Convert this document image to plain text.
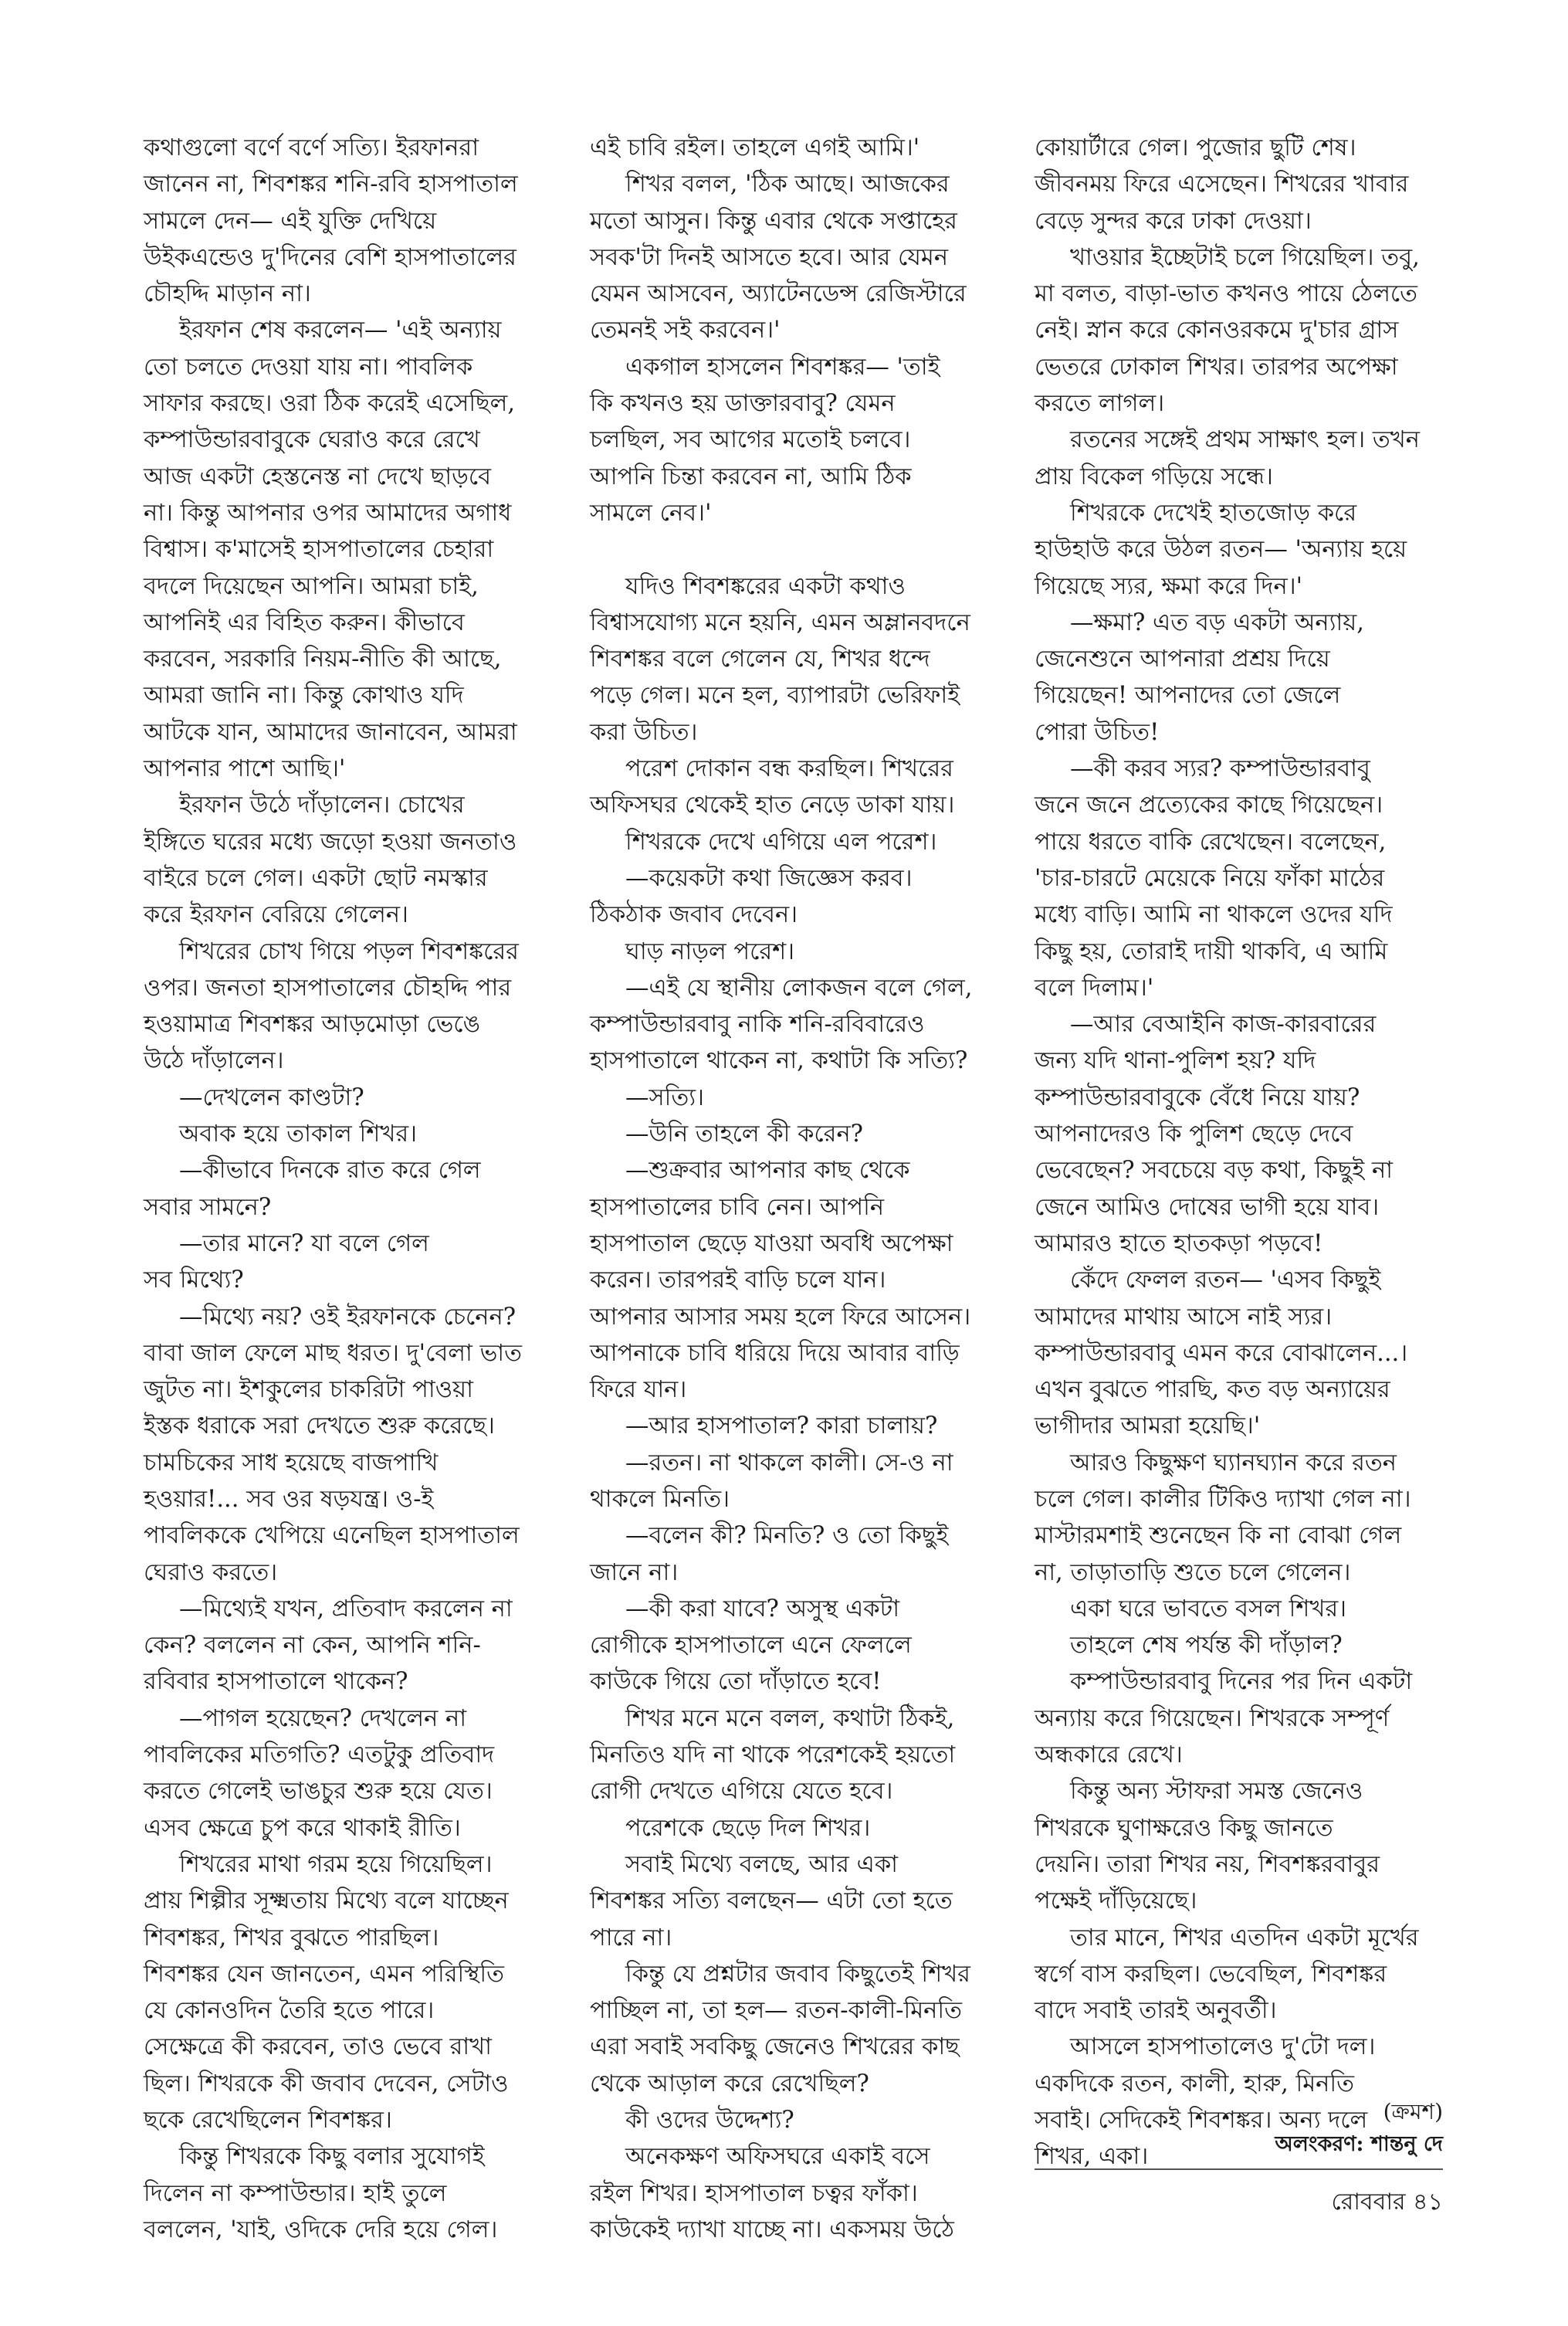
কথাগুলো বর্ণে বর্ণে সত্যি। ইরফানরা
জানেন না, শিবশঙ্কর শনি-রবি হাসপাতাল
সামলে দেন— এই যুক্তি দেখিয়ে
উইকএন্ডেও দু'দিনের বেশি হাসপাতালের
চৌহদ্দি মাড়ান না।
ইরফান শেষ করলেন— 'এই অন্যায়
তো চলতে দেওয়া যায় না। পাবলিক
সাফার করছে। ওরা ঠিক করেই এসেছিল,
কম্পাউন্ডারবাবুকে ঘেরাও করে রেখে
আজ একটা হেস্তনেস্ত না দেখে ছাড়বে
না। কিন্তু আপনার ওপর আমাদের অগাধ
বিশ্বাস। ক'মাসেই হাসপাতালের চেহারা
বদলে দিয়েছেন আপনি। আমরা চাই,
আপনিই এর বিহিত করুন। কীভাবে
করবেন, সরকারি নিয়ম-নীতি কী আছে,
আমরা জানি না। কিন্তু কোথাও যদি
আটকে যান, আমাদের জানাবেন, আমরা
আপনার পাশে আছি।'
ইরফান উঠে দাঁড়ালেন। চোখের
ইঙ্গিতে ঘরের মধ্যে জড়ো হওয়া জনতাও
বাইরে চলে গেল। একটা ছোট নমস্কার
করে ইরফান বেরিয়ে গেলেন।
শিখরের চোখ গিয়ে পড়ল শিবশঙ্করের
ওপর। জনতা হাসপাতালের চৌহদ্দি পার
হওয়ামাত্র শিবশঙ্কর আড়মোড়া ভেঙে
উঠে দাঁড়ালেন।
—দেখলেন কাণ্ডটা?
অবাক হয়ে তাকাল শিখর।
—কীভাবে দিনকে রাত করে গেল
সবার সামনে?
—তার মানে? যা বলে গেল
সব মিথ্যে?
—মিথ্যে নয়? ওই ইরফানকে চেনেন?
বাবা জাল ফেলে মাছ ধরত। দু'বেলা ভাত
জুটত না। ইশকুলের চাকরিটা পাওয়া
ইস্তক ধরাকে সরা দেখতে শুরু করেছে।
চামচিকের সাধ হয়েছে বাজপাখি
হওয়ার!... সব ওর ষড়যন্ত্র। ও-ই
পাবলিককে খেপিয়ে এনেছিল হাসপাতাল
ঘেরাও করতে।
—মিথ্যেই যখন, প্রতিবাদ করলেন না
কেন? বললেন না কেন, আপনি শনি-
রবিবার হাসপাতালে থাকেন?
—পাগল হয়েছেন? দেখলেন না
পাবলিকের মতিগতি? এতটুকু প্রতিবাদ
করতে গেলেই ভাঙচুর শুরু হয়ে যেত।
এসব ক্ষেত্রে চুপ করে থাকাই রীতি।
শিখরের মাথা গরম হয়ে গিয়েছিল।
প্রায় শিল্পীর সূক্ষ্মতায় মিথ্যে বলে যাচ্ছেন
শিবশঙ্কর, শিখর বুঝতে পারছিল।
শিবশঙ্কর যেন জানতেন, এমন পরিস্থিতি
যে কোনওদিন তৈরি হতে পারে।
সেক্ষেত্রে কী করবেন, তাও ভেবে রাখা
ছিল। শিখরকে কী জবাব দেবেন, সেটাও
ছকে রেখেছিলেন শিবশঙ্কর।
কিন্তু শিখরকে কিছু বলার সুযোগই
দিলেন না কম্পাউন্ডার। হাই তুলে
বললেন, 'যাই, ওদিকে দেরি হয়ে গেল।
এই চাবি রইল। তাহলে এগই আমি।'
শিখর বলল, 'ঠিক আছে। আজকের
মতো আসুন। কিন্তু এবার থেকে সপ্তাহের
সবক'টা দিনই আসতে হবে। আর যেমন
যেমন আসবেন, অ্যাটেনডেন্স রেজিস্টারে
তেমনই সই করবেন।'
একগাল হাসলেন শিবশঙ্কর— 'তাই
কি কখনও হয় ডাক্তারবাবু? যেমন
চলছিল, সব আগের মতোই চলবে।
আপনি চিন্তা করবেন না, আমি ঠিক
সামলে নেব।'
যদিও শিবশঙ্করের একটা কথাও
বিশ্বাসযোগ্য মনে হয়নি, এমন অম্লানবদনে
শিবশঙ্কর বলে গেলেন যে, শিখর ধন্দে
পড়ে গেল। মনে হল, ব্যাপারটা ভেরিফাই
করা উচিত।
পরেশ দোকান বন্ধ করছিল। শিখরের
অফিসঘর থেকেই হাত নেড়ে ডাকা যায়।
শিখরকে দেখে এগিয়ে এল পরেশ।
—কয়েকটা কথা জিজ্ঞেস করব।
ঠিকঠাক জবাব দেবেন।
ঘাড় নাড়ল পরেশ।
—এই যে স্থানীয় লোকজন বলে গেল,
কম্পাউন্ডারবাবু নাকি শনি-রবিবারেও
হাসপাতালে থাকেন না, কথাটা কি সত্যি?
—সত্যি।
—উনি তাহলে কী করেন?
—শুক্রবার আপনার কাছ থেকে
হাসপাতালের চাবি নেন। আপনি
হাসপাতাল ছেড়ে যাওয়া অবধি অপেক্ষা
করেন। তারপরই বাড়ি চলে যান।
আপনার আসার সময় হলে ফিরে আসেন।
আপনাকে চাবি ধরিয়ে দিয়ে আবার বাড়ি
ফিরে যান।
—আর হাসপাতাল? কারা চালায়?
—রতন। না থাকলে কালী। সে-ও না
থাকলে মিনতি।
—বলেন কী? মিনতি? ও তো কিছুই
জানে না।
—কী করা যাবে? অসুস্থ একটা
রোগীকে হাসপাতালে এনে ফেললে
কাউকে গিয়ে তো দাঁড়াতে হবে!
শিখর মনে মনে বলল, কথাটা ঠিকই,
মিনতিও যদি না থাকে পরেশকেই হয়তো
রোগী দেখতে এগিয়ে যেতে হবে।
পরেশকে ছেড়ে দিল শিখর।
সবাই মিথ্যে বলছে, আর একা
শিবশঙ্কর সত্যি বলছেন— এটা তো হতে
পারে না।
কিন্তু যে প্রশ্নটার জবাব কিছুতেই শিখর
পাচ্ছিল না, তা হল— রতন-কালী-মিনতি
এরা সবাই সবকিছু জেনেও শিখরের কাছ
থেকে আড়াল করে রেখেছিল?
কী ওদের উদ্দেশ্য?
অনেকক্ষণ অফিসঘরে একাই বসে
রইল শিখর। হাসপাতাল চত্বর ফাঁকা।
কাউকেই দ্যাখা যাচ্ছে না। একসময় উঠে
কোয়ার্টারে গেল। পুজোর ছুটি শেষ।
জীবনময় ফিরে এসেছেন। শিখরের খাবার
বেড়ে সুন্দর করে ঢাকা দেওয়া।
খাওয়ার ইচ্ছেটাই চলে গিয়েছিল। তবু,
মা বলত, বাড়া-ভাত কখনও পায়ে ঠেলতে
নেই। স্নান করে কোনওরকমে দু'চার গ্রাস
ভেতরে ঢোকাল শিখর। তারপর অপেক্ষা
করতে লাগল।
রতনের সঙ্গেই প্রথম সাক্ষাৎ হল। তখন
প্রায় বিকেল গড়িয়ে সন্ধে।
শিখরকে দেখেই হাতজোড় করে
হাউহাউ করে উঠল রতন— 'অন্যায় হয়ে
গিয়েছে স্যর, ক্ষমা করে দিন।'
—ক্ষমা? এত বড় একটা অন্যায়,
জেনেশুনে আপনারা প্রশ্রয় দিয়ে
গিয়েছেন! আপনাদের তো জেলে
পোরা উচিত!
—কী করব স্যর? কম্পাউন্ডারবাবু
জনে জনে প্রত্যেকের কাছে গিয়েছেন।
পায়ে ধরতে বাকি রেখেছেন। বলেছেন,
'চার-চারটে মেয়েকে নিয়ে ফাঁকা মাঠের
মধ্যে বাড়ি। আমি না থাকলে ওদের যদি
কিছু হয়, তোরাই দায়ী থাকবি, এ আমি
বলে দিলাম।'
—আর বেআইনি কাজ-কারবারের
জন্য যদি থানা-পুলিশ হয়? যদি
কম্পাউন্ডারবাবুকে বেঁধে নিয়ে যায়?
আপনাদেরও কি পুলিশ ছেড়ে দেবে
ভেবেছেন? সবচেয়ে বড় কথা, কিছুই না
জেনে আমিও দোষের ভাগী হয়ে যাব।
আমারও হাতে হাতকড়া পড়বে!
কেঁদে ফেলল রতন— 'এসব কিছুই
আমাদের মাথায় আসে নাই স্যর।
কম্পাউন্ডারবাবু এমন করে বোঝালেন...।
এখন বুঝতে পারছি, কত বড় অন্যায়ের
ভাগীদার আমরা হয়েছি।'
আরও কিছুক্ষণ ঘ্যানঘ্যান করে রতন
চলে গেল। কালীর টিকিও দ্যাখা গেল না।
মাস্টারমশাই শুনেছেন কি না বোঝা গেল
না, তাড়াতাড়ি শুতে চলে গেলেন।
একা ঘরে ভাবতে বসল শিখর।
তাহলে শেষ পর্যন্ত কী দাঁড়াল?
কম্পাউন্ডারবাবু দিনের পর দিন একটা
অন্যায় করে গিয়েছেন। শিখরকে সম্পূর্ণ
অন্ধকারে রেখে।
কিন্তু অন্য স্টাফরা সমস্ত জেনেও
শিখরকে ঘুণাক্ষরেও কিছু জানতে
দেয়নি। তারা শিখর নয়, শিবশঙ্করবাবুর
পক্ষেই দাঁড়িয়েছে।
তার মানে, শিখর এতদিন একটা মূর্খের
স্বর্গে বাস করছিল। ভেবেছিল, শিবশঙ্কর
বাদে সবাই তারই অনুবর্তী।
আসলে হাসপাতালেও দু'টো দল।
একদিকে রতন, কালী, হারু, মিনতি
সবাই। সেদিকেই শিবশঙ্কর। অন্য দলে
শিখর, একা।
(ক্রমশ)
অলংকরণ: শান্তনু দে
রোববার ৪১
